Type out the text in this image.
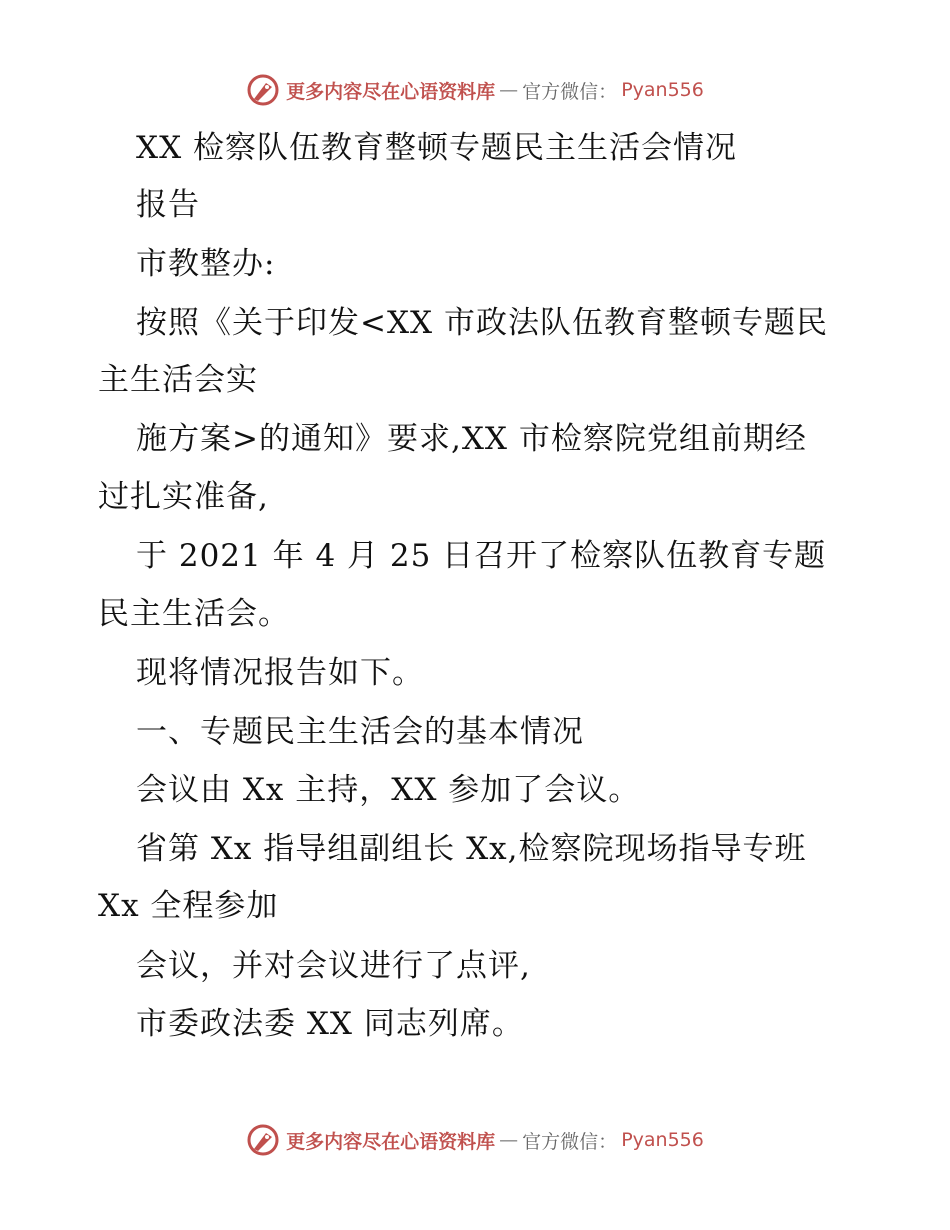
更多内容尽在心语资料库 — 官方微信： Pyan556

XX 检察队伍教育整顿专题民主生活会情况

报告

市教整办:

按照《关于印发<XX 市政法队伍教育整顿专题民

主生活会实

施方案>的通知》要求,XX 市检察院党组前期经

过扎实准备,

于 2021 年 4 月 25 日召开了检察队伍教育专题

民主生活会。

现将情况报告如下。

一、专题民主生活会的基本情况

会议由 Xx 主持，XX 参加了会议。

省第 Xx 指导组副组长 Xx,检察院现场指导专班

Xx 全程参加

会议，并对会议进行了点评,

市委政法委 XX 同志列席。

更多内容尽在心语资料库 — 官方微信： Pyan556
